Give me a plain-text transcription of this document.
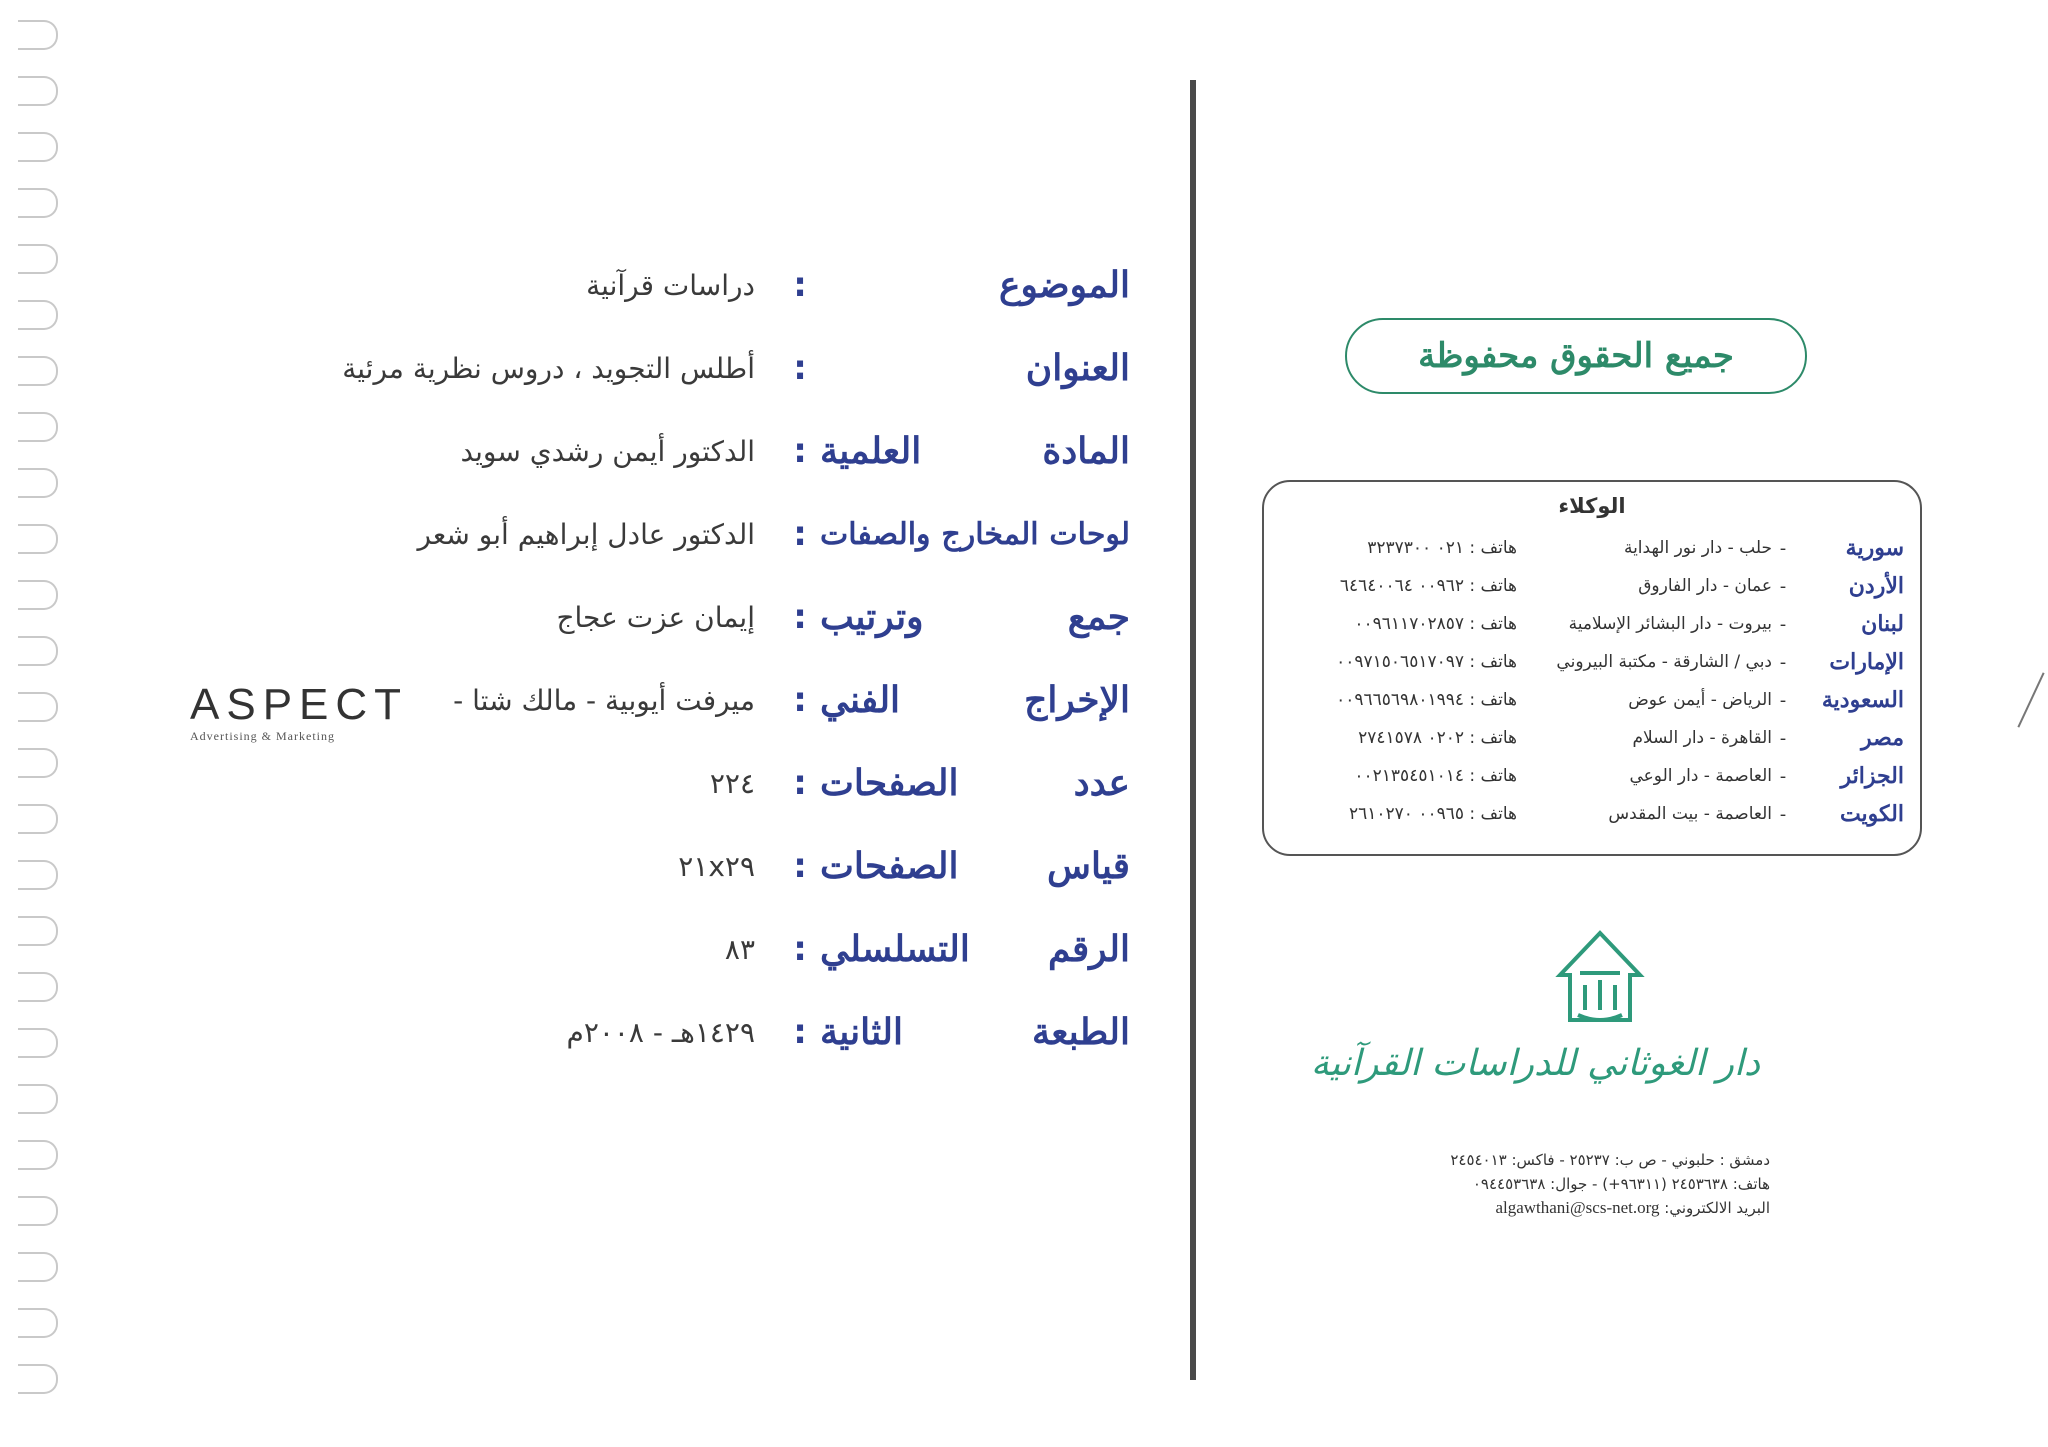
الموضوع
:
دراسات قرآنية
العنوان
:
أطلس التجويد ، دروس نظرية مرئية
المادة العلمية
:
الدكتور أيمن رشدي سويد
لوحات المخارج والصفات
:
الدكتور عادل إبراهيم أبو شعر
جمع وترتيب
:
إيمان عزت عجاج
الإخراج الفني
:
ميرفت أيوبية - مالك شتا -
عدد الصفحات
:
٢٢٤
قياس الصفحات
:
٢١x٢٩
الرقم التسلسلي
:
٨٣
الطبعة الثانية
:
١٤٢٩هـ - ٢٠٠٨م
ASPECT
Advertising & Marketing
جميع الحقوق محفوظة
الوكلاء
سورية
-
حلب - دار نور الهداية
هاتف : ٠٢١ ٣٢٣٧٣٠٠
الأردن
-
عمان - دار الفاروق
هاتف : ٠٠٩٦٢ ٦٤٦٤٠٠٦٤
لبنان
-
بيروت - دار البشائر الإسلامية
هاتف : ٠٠٩٦١١٧٠٢٨٥٧
الإمارات
-
دبي / الشارقة - مكتبة البيروني
هاتف : ٠٠٩٧١٥٠٦٥١٧٠٩٧
السعودية
-
الرياض - أيمن عوض
هاتف : ٠٠٩٦٦٥٦٩٨٠١٩٩٤
مصر
-
القاهرة - دار السلام
هاتف : ٠٢٠٢ ٢٧٤١٥٧٨
الجزائر
-
العاصمة - دار الوعي
هاتف : ٠٠٢١٣٥٤٥١٠١٤
الكويت
-
العاصمة - بيت المقدس
هاتف : ٠٠٩٦٥ ٢٦١٠٢٧٠
دار الغوثاني للدراسات القرآنية
دمشق : حلبوني - ص ب: ٢٥٢٣٧ - فاكس: ٢٤٥٤٠١٣
هاتف: ٢٤٥٣٦٣٨ (٩٦٣١١+) - جوال: ٠٩٤٤٥٣٦٣٨
البريد الالكتروني: algawthani@scs-net.org
